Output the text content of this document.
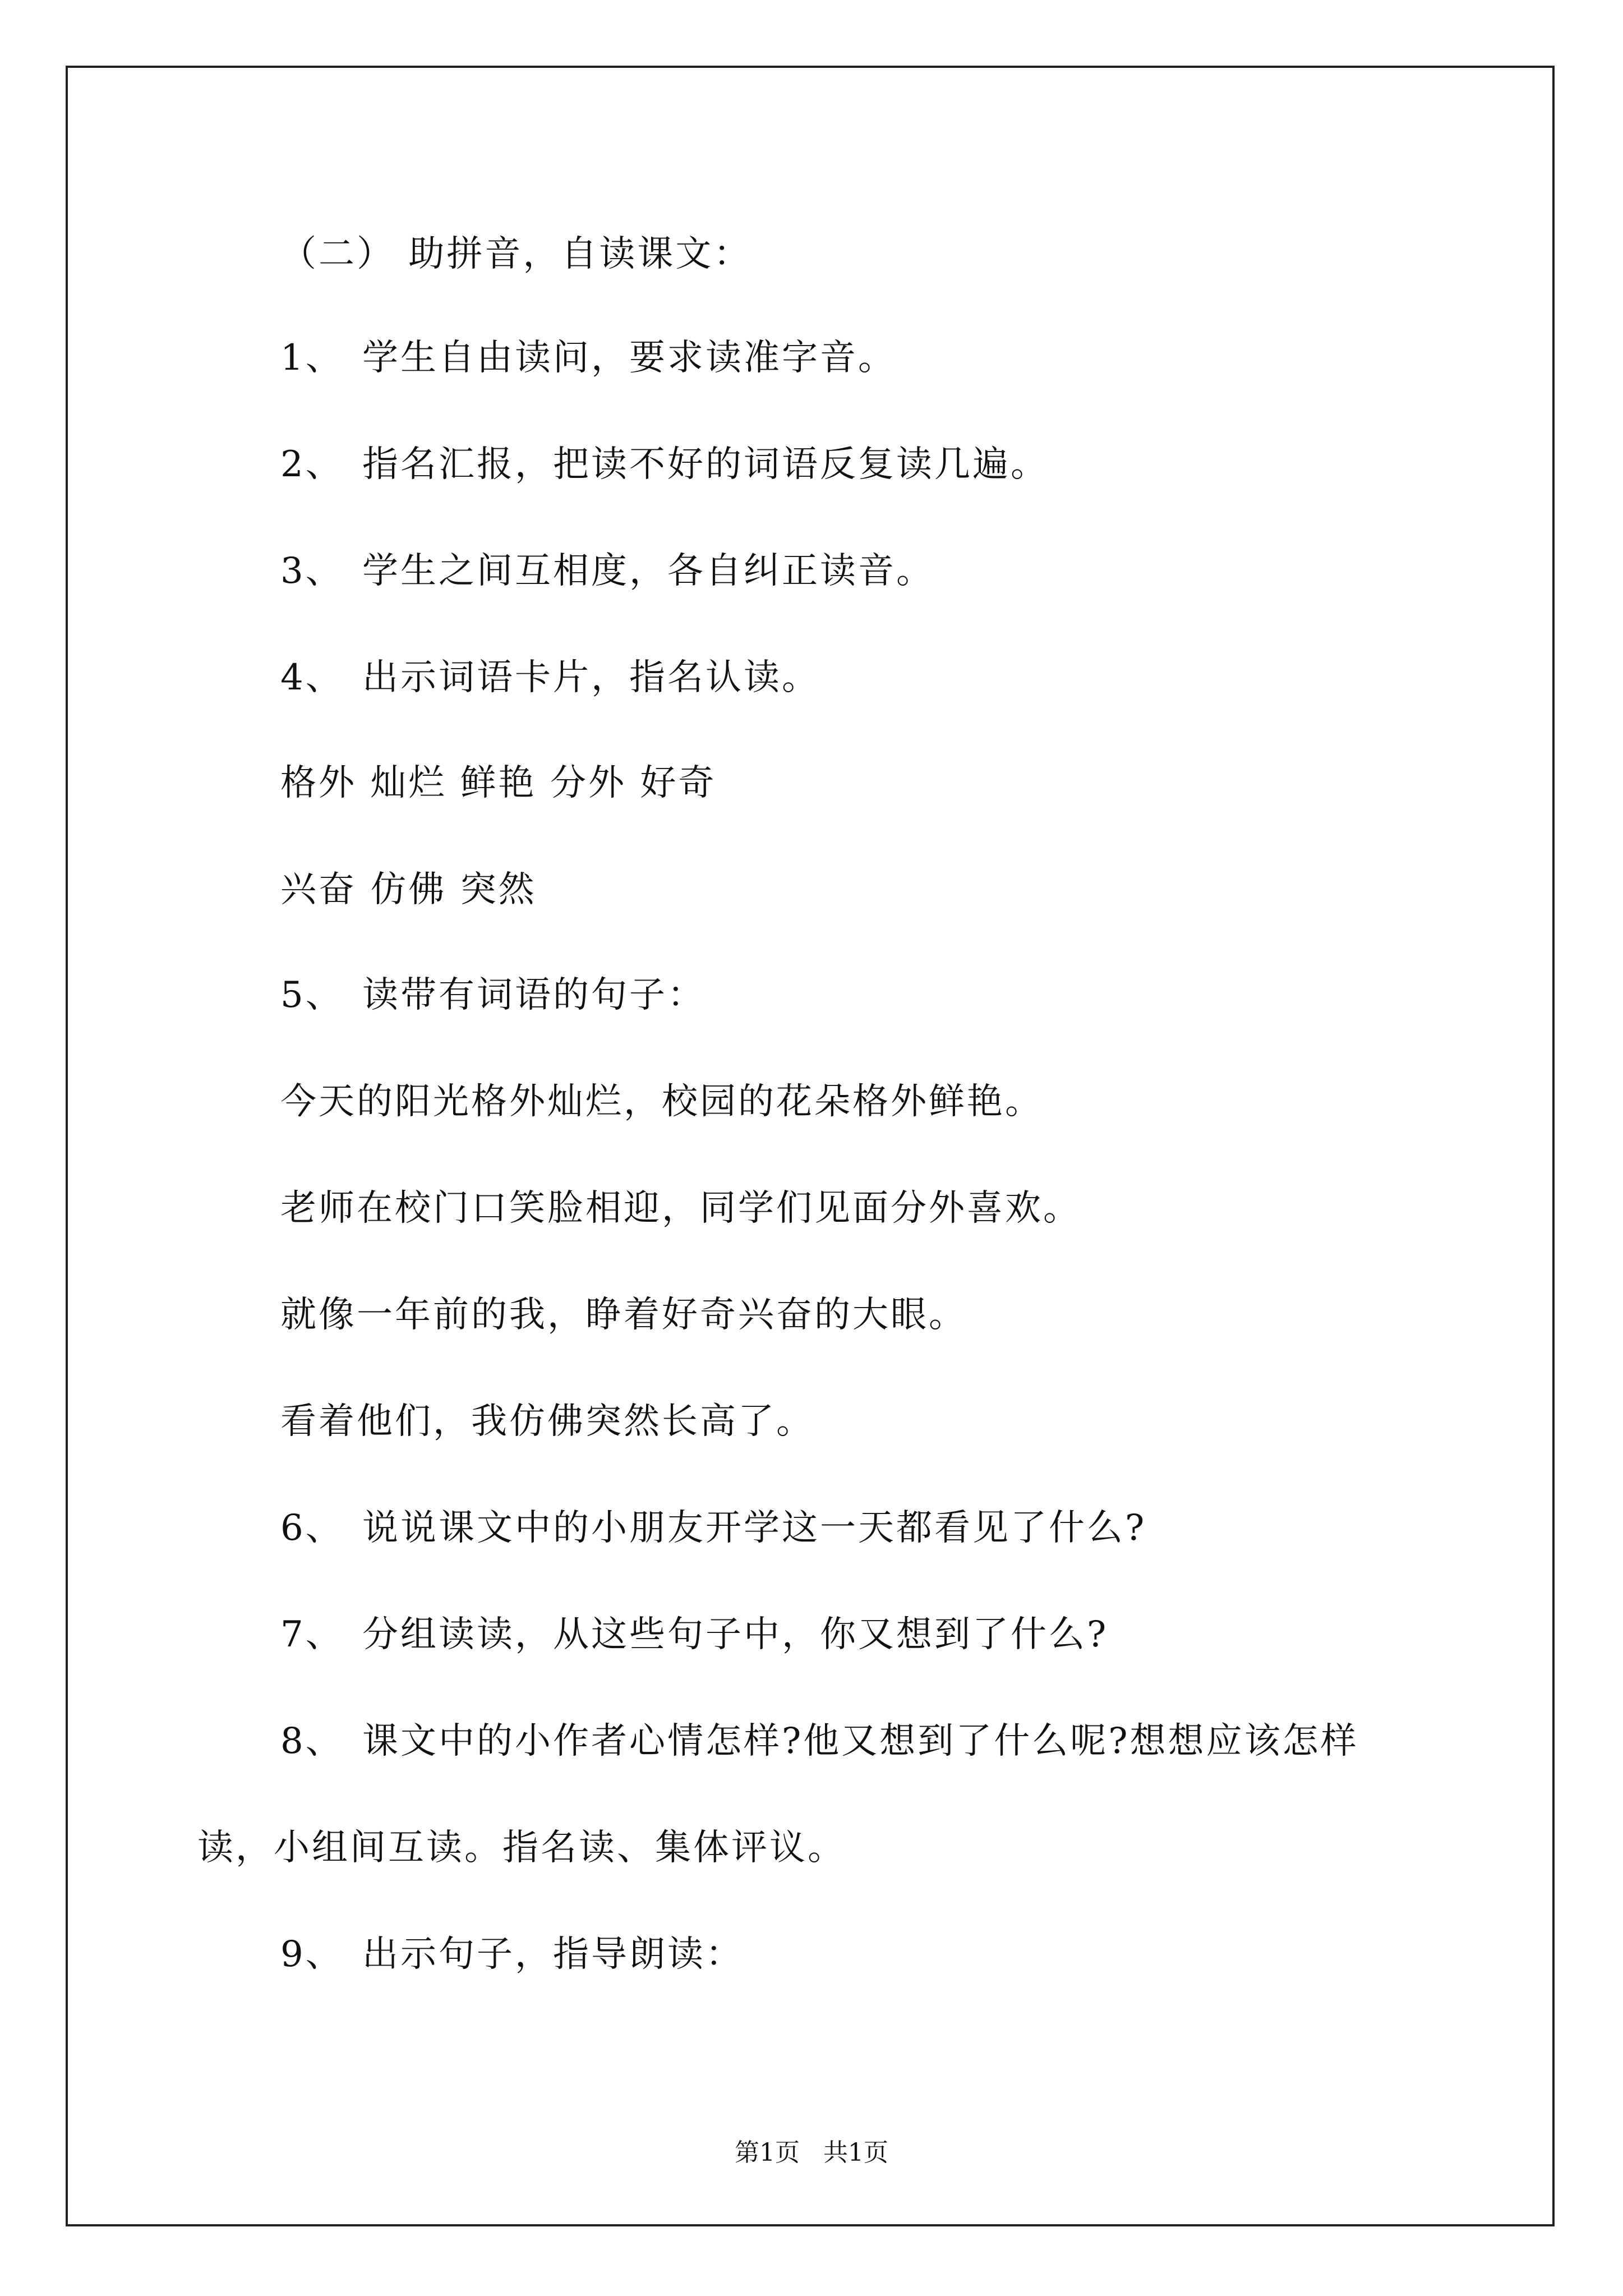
（二） 助拼音，自读课文：
1、 学生自由读问，要求读准字音。
2、 指名汇报，把读不好的词语反复读几遍。
3、 学生之间互相度，各自纠正读音。
4、 出示词语卡片，指名认读。
格外 灿烂 鲜艳 分外 好奇
兴奋 仿佛 突然
5、 读带有词语的句子：
今天的阳光格外灿烂，校园的花朵格外鲜艳。
老师在校门口笑脸相迎，同学们见面分外喜欢。
就像一年前的我，睁着好奇兴奋的大眼。
看着他们，我仿佛突然长高了。
6、 说说课文中的小朋友开学这一天都看见了什么?
7、 分组读读，从这些句子中，你又想到了什么?
8、 课文中的小作者心情怎样?他又想到了什么呢?想想应该怎样
读，小组间互读。指名读、集体评议。
9、 出示句子，指导朗读：
第1页   共1页
